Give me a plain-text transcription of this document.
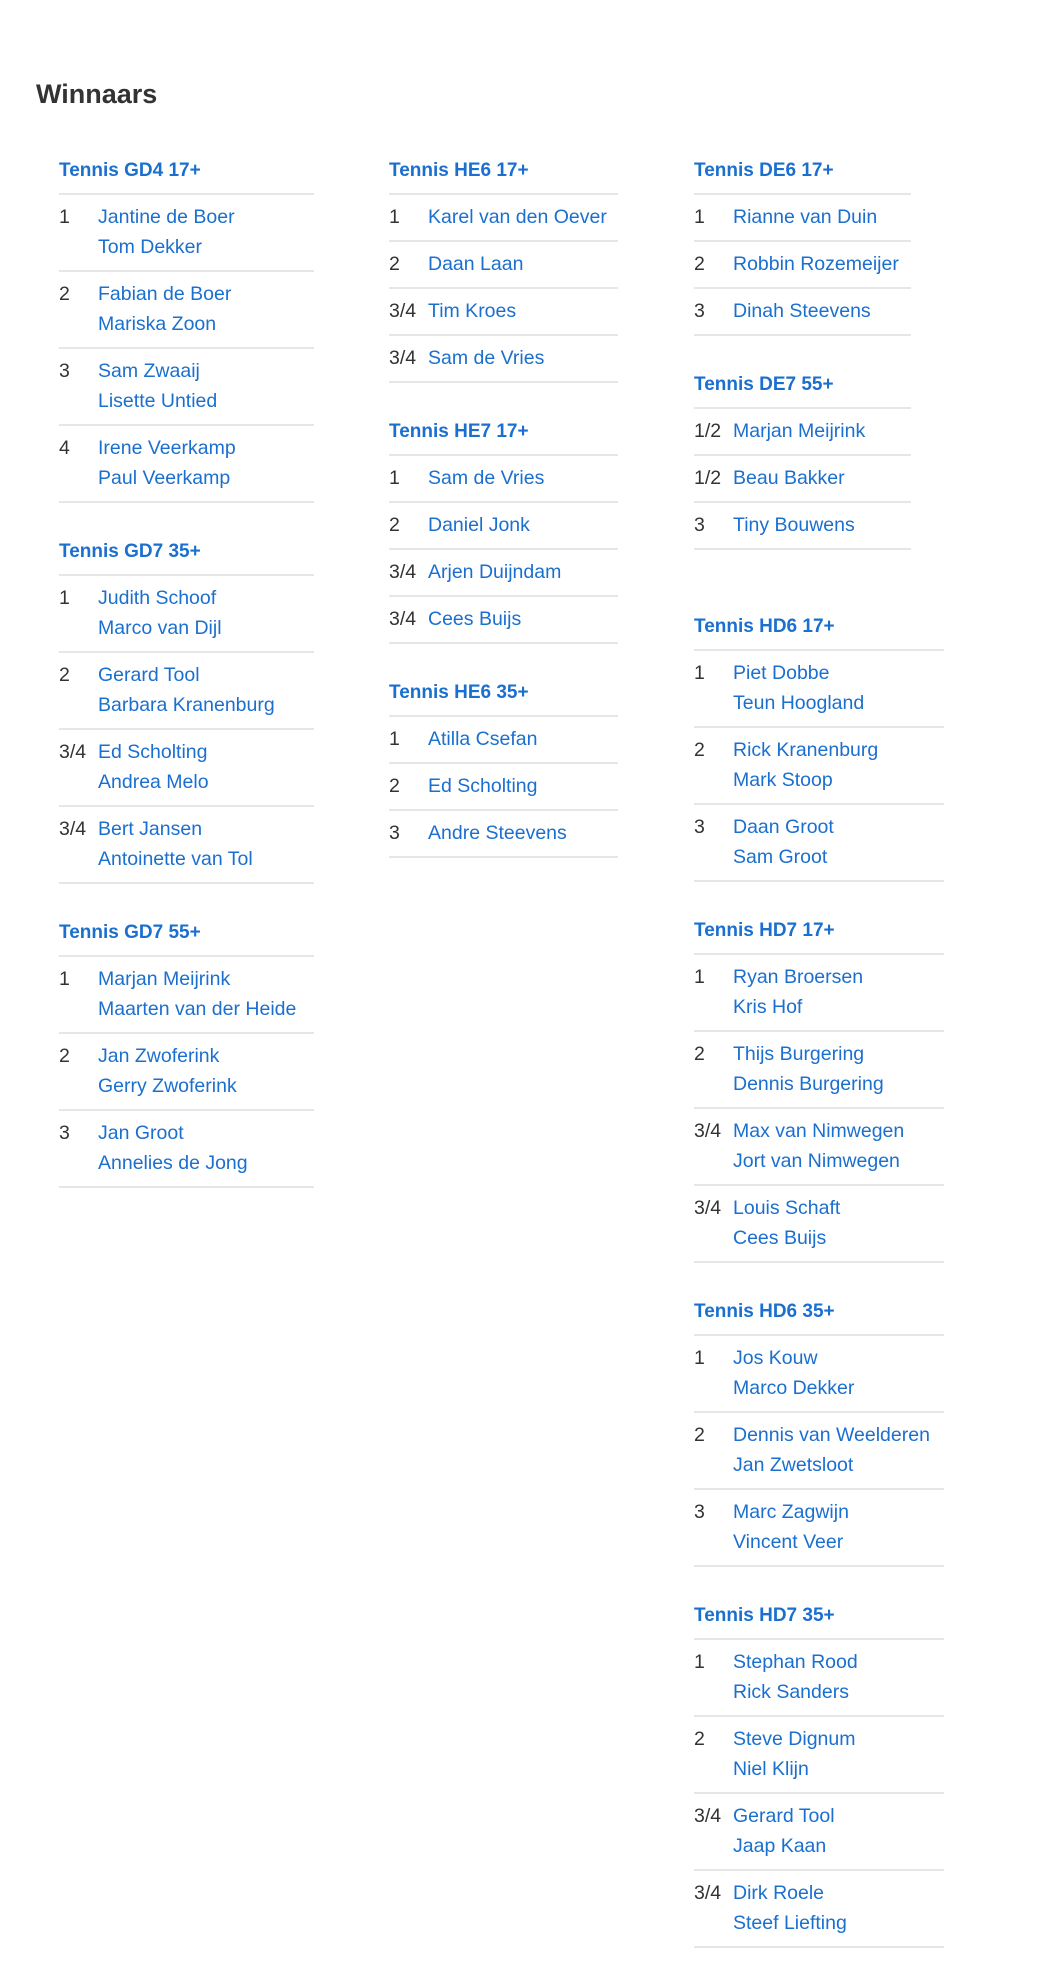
Winnaars
Tennis GD4 17+
1	Jantine de Boer
Tom Dekker
2	Fabian de Boer
Mariska Zoon
3	Sam Zwaaij
Lisette Untied
4	Irene Veerkamp
Paul Veerkamp
Tennis GD7 35+
1	Judith Schoof
Marco van Dijl
2	Gerard Tool
Barbara Kranenburg
3/4 Ed Scholting
Andrea Melo
3/4 Bert Jansen
Antoinette van Tol
Tennis GD7 55+
1	Marjan Meijrink
Maarten van der Heide
2	Jan Zwoferink
Gerry Zwoferink
3	Jan Groot
Annelies de Jong
Tennis HE6 17+
1	Karel van den Oever
2	Daan Laan
3/4 Tim Kroes
3/4 Sam de Vries
Tennis HE7 17+
1	Sam de Vries
2	Daniel Jonk
3/4 Arjen Duijndam
3/4 Cees Buijs
Tennis HE6 35+
1	Atilla Csefan
2	Ed Scholting
3	Andre Steevens
Tennis DE6 17+
1	Rianne van Duin
2	Robbin Rozemeijer
3	Dinah Steevens
Tennis DE7 55+
1/2 Marjan Meijrink
1/2 Beau Bakker
3	Tiny Bouwens
Tennis HD6 17+
1	Piet Dobbe
Teun Hoogland
2	Rick Kranenburg
Mark Stoop
3	Daan Groot
Sam Groot
Tennis HD7 17+
1	Ryan Broersen
Kris Hof
2	Thijs Burgering
Dennis Burgering
3/4 Max van Nimwegen
Jort van Nimwegen
3/4 Louis Schaft
Cees Buijs
Tennis HD6 35+
1	Jos Kouw
Marco Dekker
2	Dennis van Weelderen
Jan Zwetsloot
3	Marc Zagwijn
Vincent Veer
Tennis HD7 35+
1	Stephan Rood
Rick Sanders
2	Steve Dignum
Niel Klijn
3/4 Gerard Tool
Jaap Kaan
3/4 Dirk Roele
Steef Liefting
